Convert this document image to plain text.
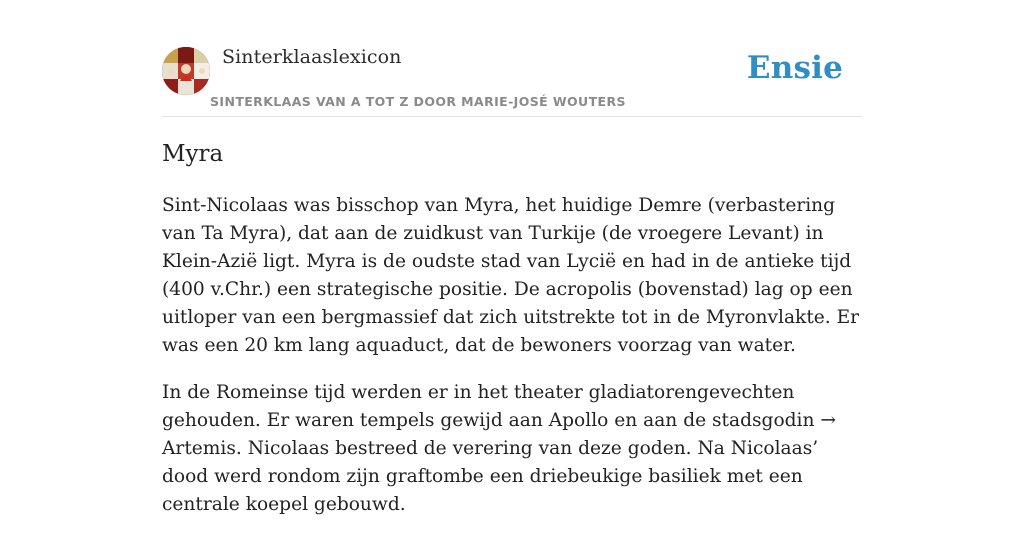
Sinterklaaslexicon
SINTERKLAAS VAN A TOT Z DOOR MARIE-JOSÉ WOUTERS
Ensie
Myra

Sint-Nicolaas was bisschop van Myra, het huidige Demre (verbastering van Ta Myra), dat aan de zuidkust van Turkije (de vroegere Levant) in Klein-Azië ligt. Myra is de oudste stad van Lycië en had in de antieke tijd (400 v.Chr.) een strategische positie. De acropolis (bovenstad) lag op een uitloper van een bergmassief dat zich uitstrekte tot in de Myronvlakte. Er was een 20 km lang aquaduct, dat de bewoners voorzag van water.

In de Romeinse tijd werden er in het theater gladiatorengevechten gehouden. Er waren tempels gewijd aan Apollo en aan de stadsgodin → Artemis. Nicolaas bestreed de verering van deze goden. Na Nicolaas’ dood werd rondom zijn graftombe een driebeukige basiliek met een centrale koepel gebouwd.
